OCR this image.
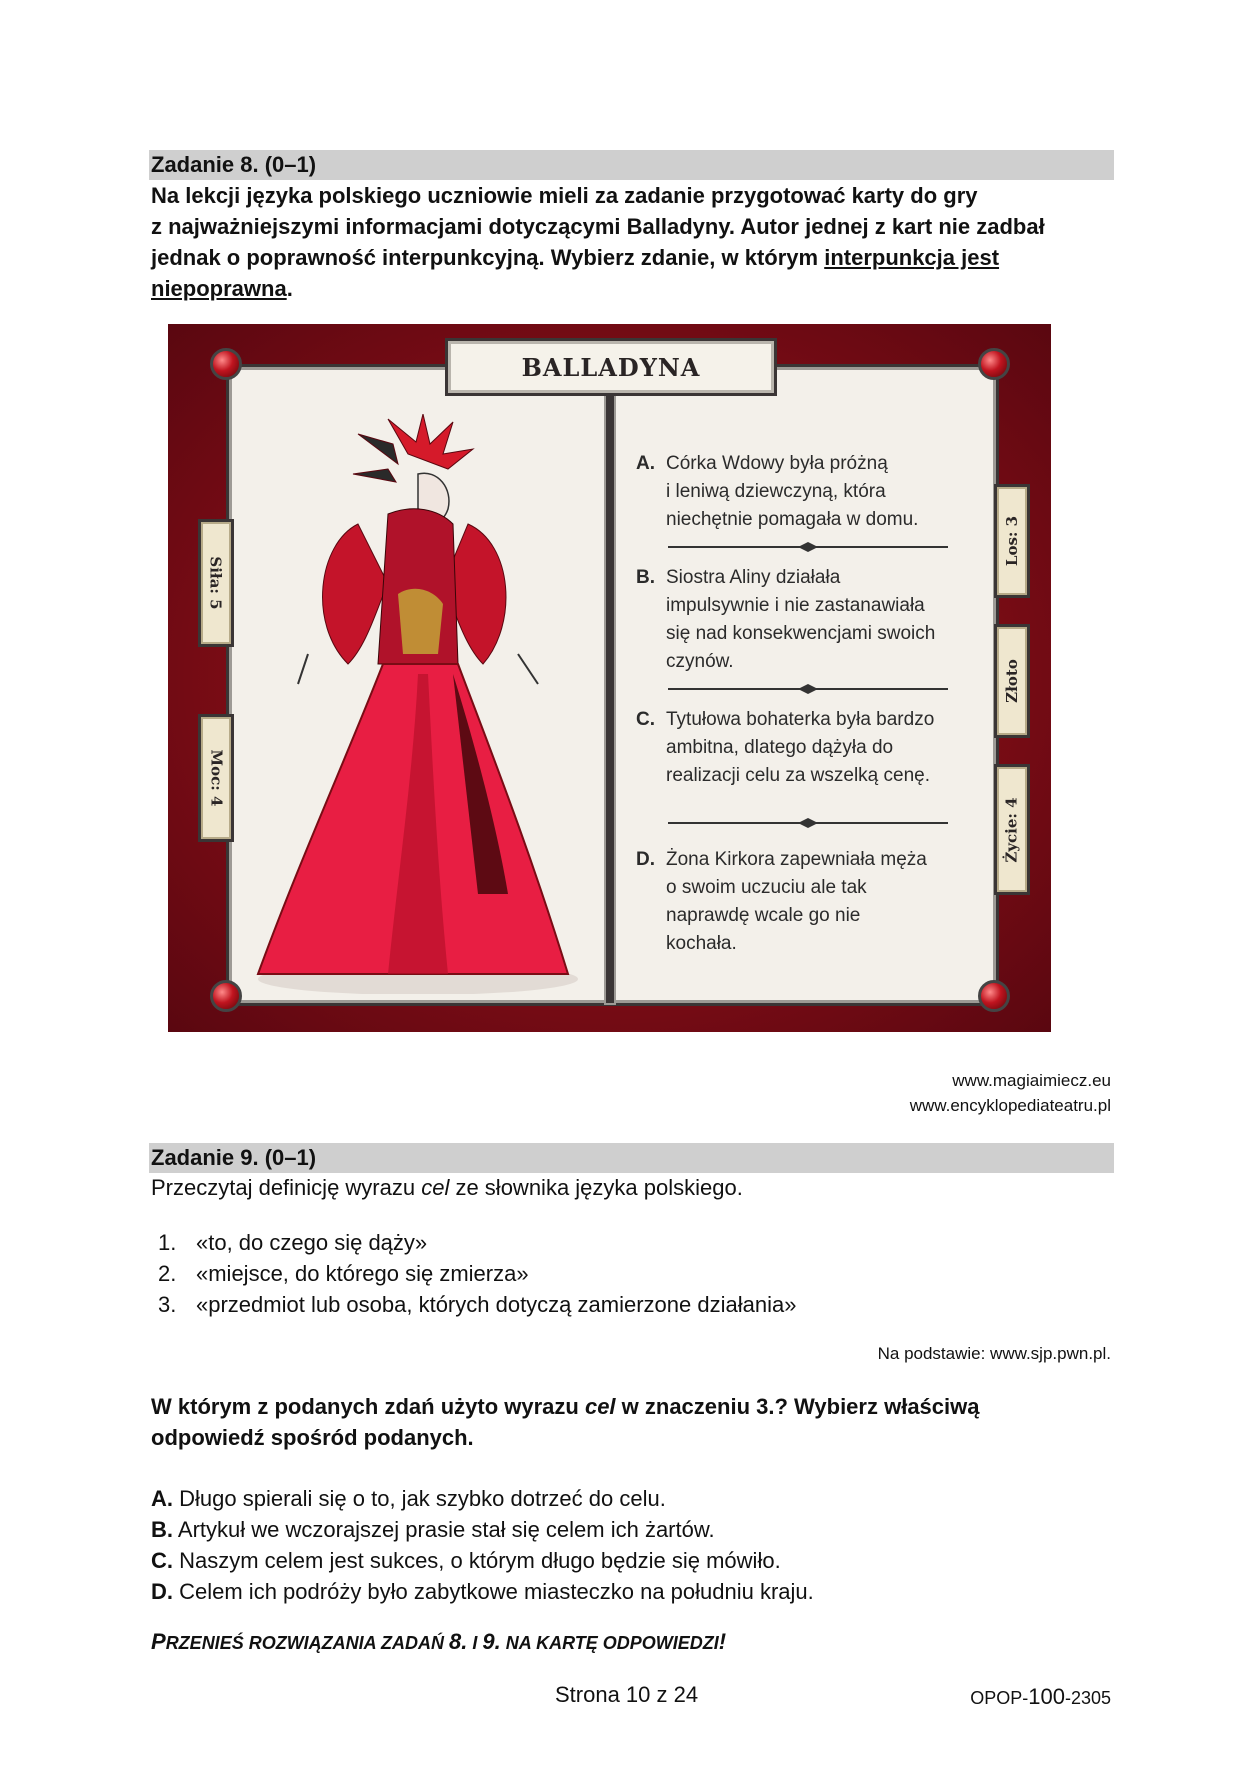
Zadanie 8. (0–1)

Na lekcji języka polskiego uczniowie mieli za zadanie przygotować karty do gry
z najważniejszymi informacjami dotyczącymi Balladyny. Autor jednej z kart nie zadbał
jednak o poprawność interpunkcyjną. Wybierz zdanie, w którym interpunkcja jest
niepoprawna.

BALLADYNA
Siła: 5
Moc: 4
Los: 3
Złoto
Życie: 4
A. Córka Wdowy była próżną
i leniwą dziewczyną, która
niechętnie pomagała w domu.
B. Siostra Aliny działała
impulsywnie i nie zastanawiała
się nad konsekwencjami swoich
czynów.
C. Tytułowa bohaterka była bardzo
ambitna, dlatego dążyła do
realizacji celu za wszelką cenę.
D. Żona Kirkora zapewniała męża
o swoim uczuciu ale tak
naprawdę wcale go nie
kochała.
www.magiaimiecz.eu
www.encyklopediateatru.pl
Zadanie 9. (0–1)
Przeczytaj definicję wyrazu cel ze słownika języka polskiego.
1. «to, do czego się dąży»
2. «miejsce, do którego się zmierza»
3. «przedmiot lub osoba, których dotyczą zamierzone działania»
Na podstawie: www.sjp.pwn.pl.

W którym z podanych zdań użyto wyrazu cel w znaczeniu 3.? Wybierz właściwą
odpowiedź spośród podanych.

A. Długo spierali się o to, jak szybko dotrzeć do celu.
B. Artykuł we wczorajszej prasie stał się celem ich żartów.
C. Naszym celem jest sukces, o którym długo będzie się mówiło.
D. Celem ich podróży było zabytkowe miasteczko na południu kraju.
PRZENIEŚ ROZWIĄZANIA ZADAŃ 8. I 9. NA KARTĘ ODPOWIEDZI!
Strona 10 z 24	OPOP-100-2305
